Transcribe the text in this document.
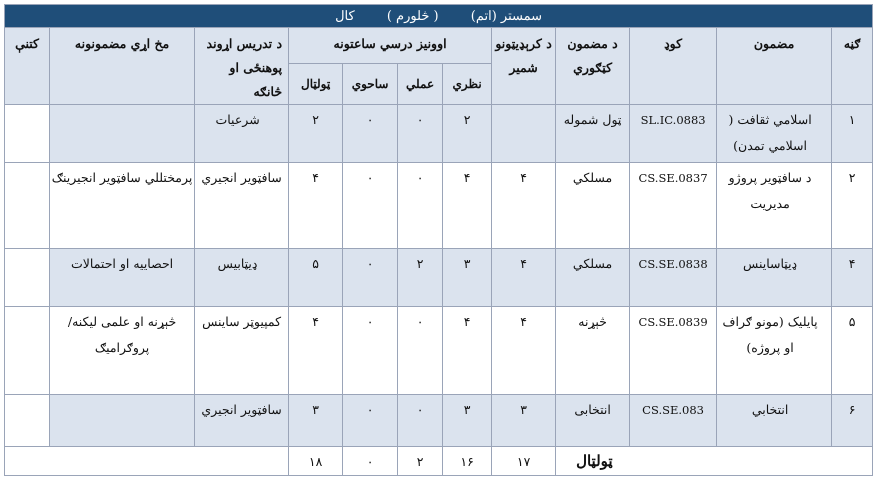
سمستر (اتم) ( څلورم ) کال											
ګڼه	مضمون	کوډ	د مضمون کټګوري	د کرېډیټونو شمیر	اوونیز درسي ساعتونه				د تدریس اړوند پوهنځی او څانګه	مخ اړي مضمونونه	کتنې
					نظري	عملي	ساحوي	ټولټال			
۱	اسلامي ثقافت ( اسلامي تمدن)	SL.IC.0883	ټول شموله		۲	۰	۰	۲	شرعیات		
۲	د سافټویر پروژو مدیریت	CS.SE.0837	مسلکي	۴	۴	۰	۰	۴	سافټویر انجیري	پرمختللي سافټویر انجیرینګ	
۴	ډیټاساینس	CS.SE.0838	مسلکي	۴	۳	۲	۰	۵	ډیټابیس	احصاییه او احتمالات	
۵	پایلیک (مونو ګراف او پروژه)	CS.SE.0839	څېړنه	۴	۴	۰	۰	۴	کمپیوټر ساینس	څېړنه او علمی لیکنه/ پروګرامیګ	
۶	انتخابي	CS.SE.083	انتخابی	۳	۳	۰	۰	۳	سافټویر انجیري		
ټولټال				۱۷	۱۶	۲	۰	۱۸			
